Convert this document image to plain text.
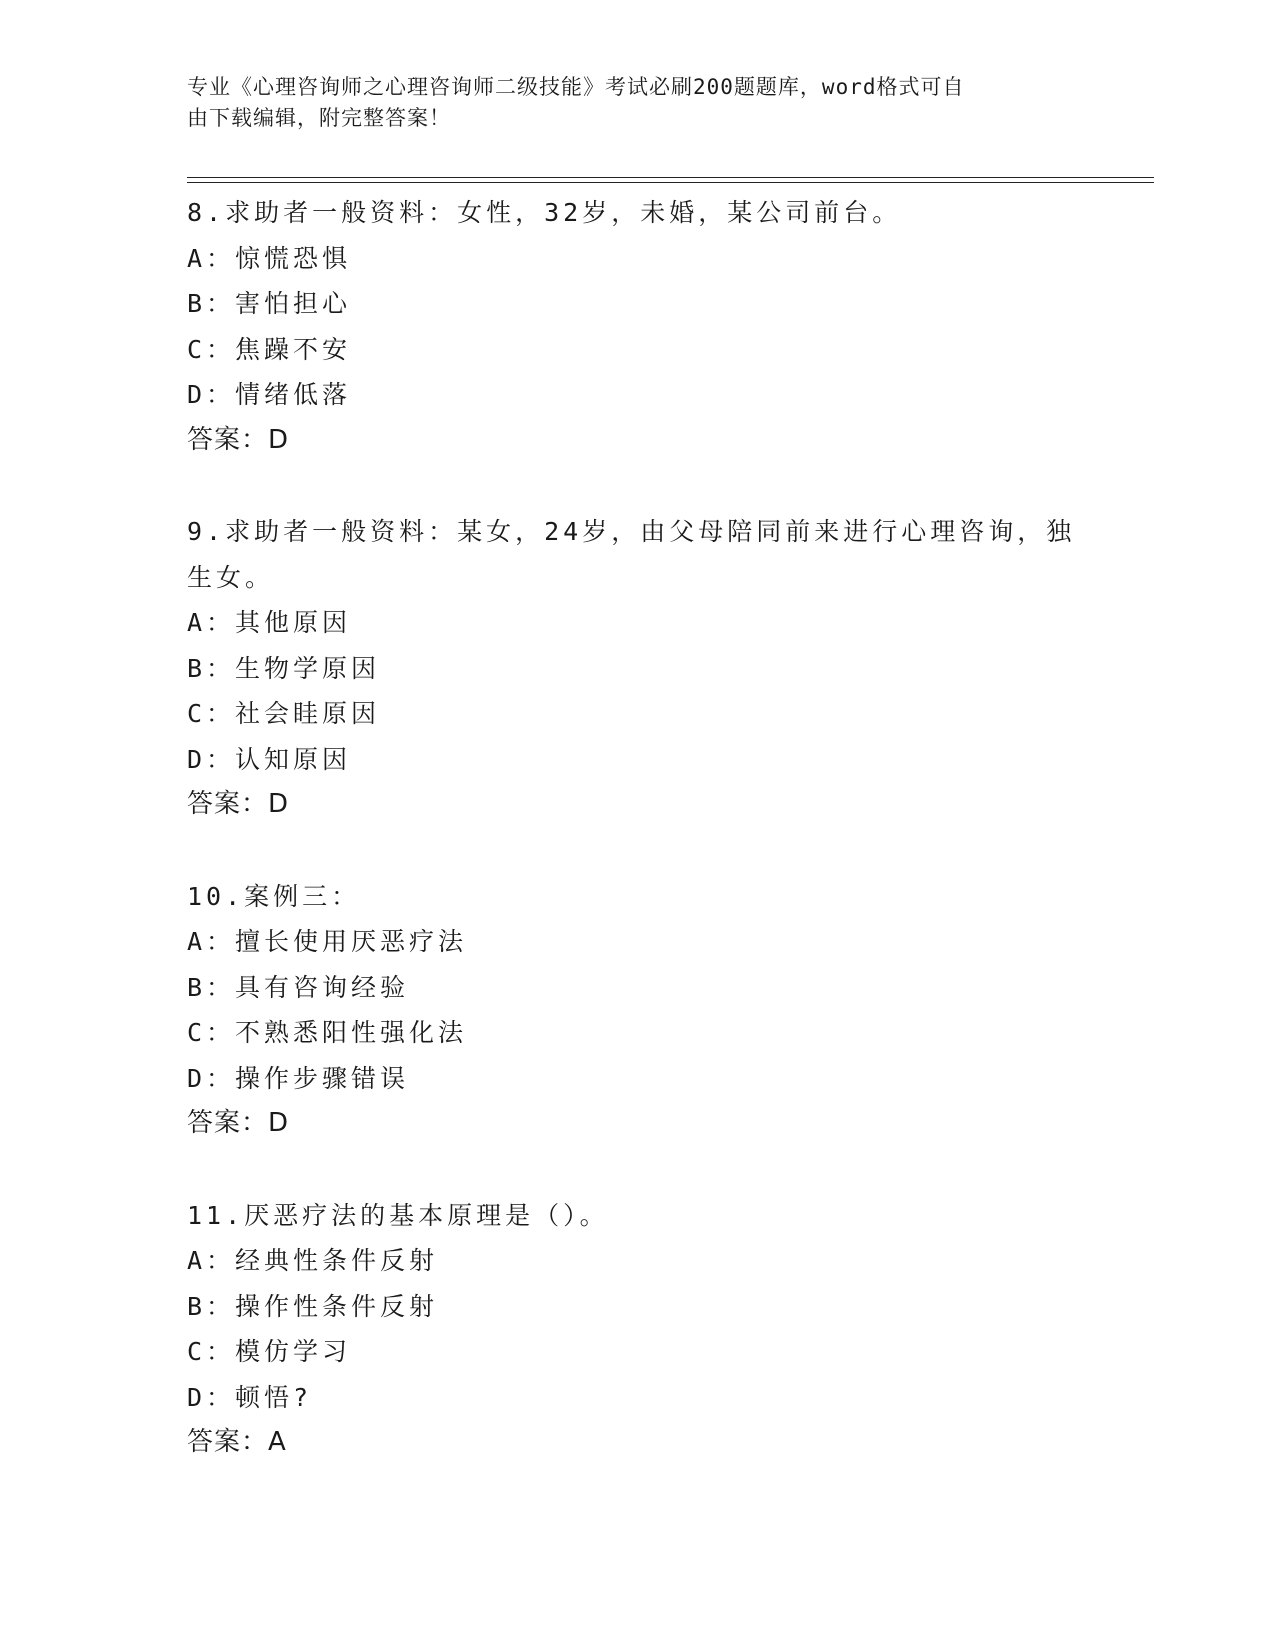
专业《心理咨询师之心理咨询师二级技能》考试必刷200题题库，word格式可自

由下载编辑，附完整答案！

8.求助者一般资料：女性，32岁，未婚，某公司前台。
A：惊慌恐惧
B：害怕担心
C：焦躁不安
D：情绪低落
答案：D
9.求助者一般资料：某女，24岁，由父母陪同前来进行心理咨询，独
生女。
A：其他原因
B：生物学原因
C：社会眭原因
D：认知原因
答案：D
10.案例三：
A：擅长使用厌恶疗法
B：具有咨询经验
C：不熟悉阳性强化法
D：操作步骤错误
答案：D
11.厌恶疗法的基本原理是（）。
A：经典性条件反射
B：操作性条件反射
C：模仿学习
D：顿悟?
答案：A
